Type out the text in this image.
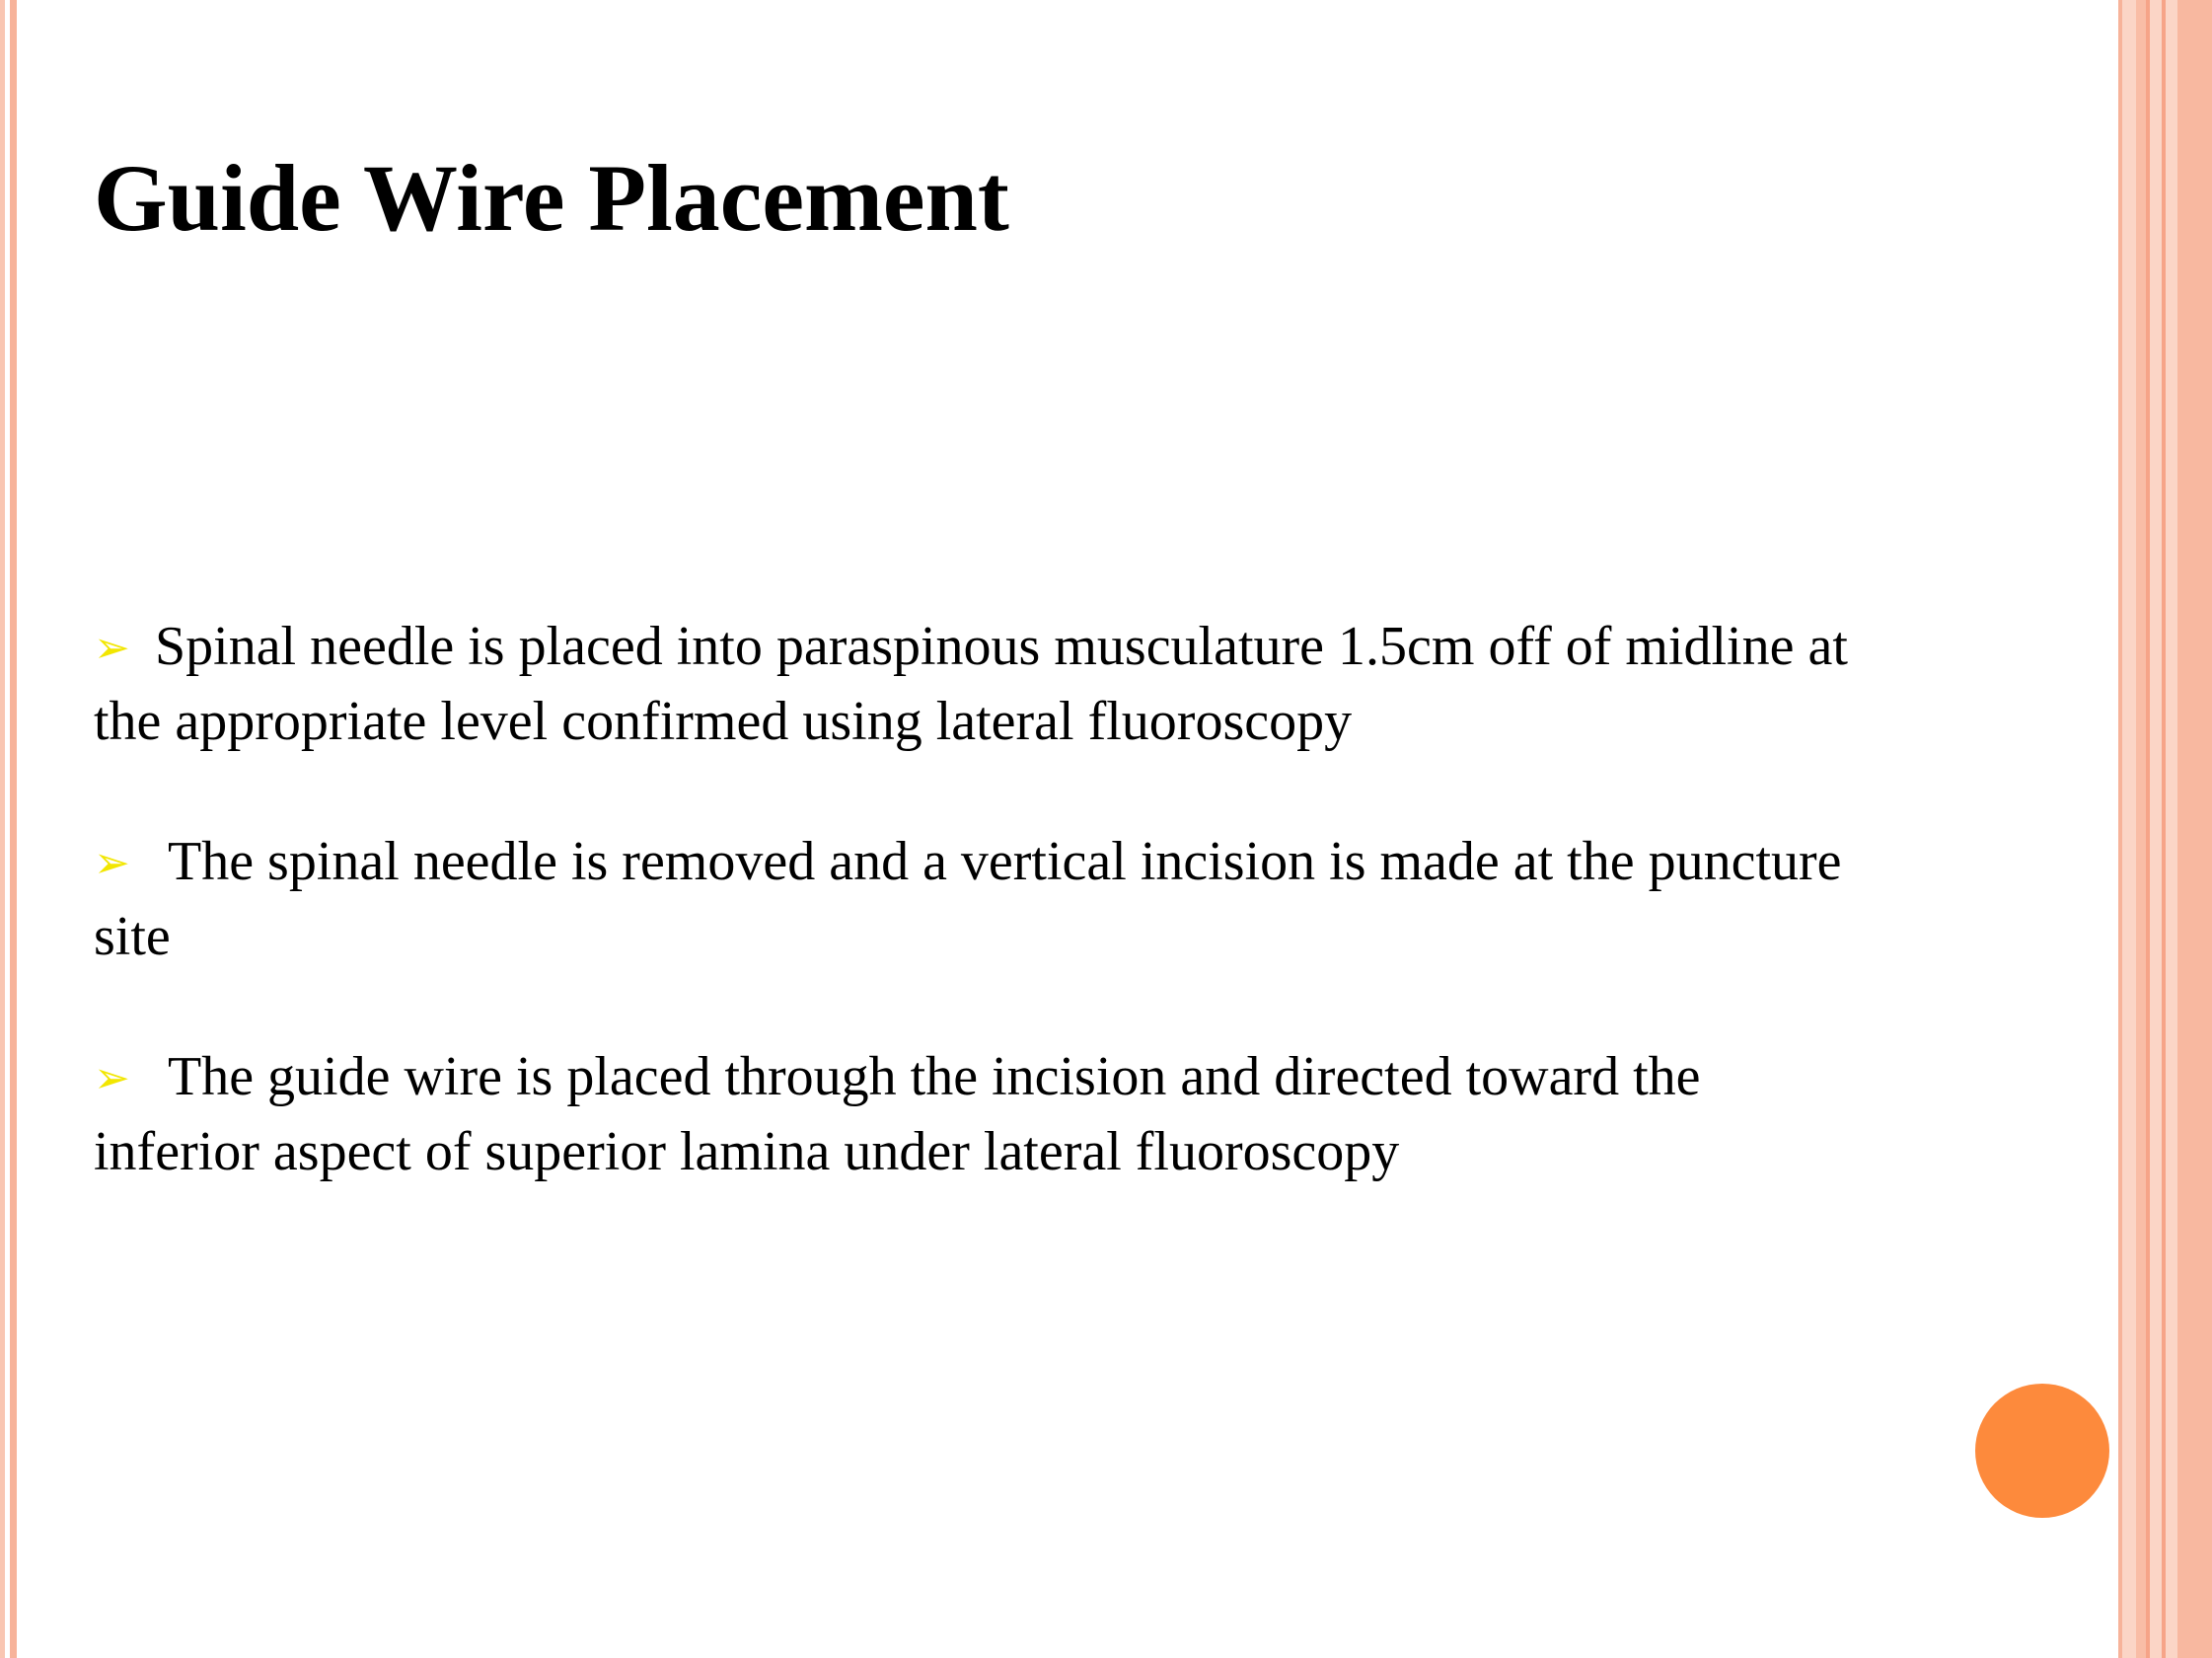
Guide Wire Placement
➢ Spinal needle is placed into paraspinous musculature 1.5cm off of midline at the appropriate level confirmed using lateral fluoroscopy
➢ The spinal needle is removed and a vertical incision is made at the puncture site
➢ The guide wire is placed through the incision and directed toward the inferior aspect of superior lamina under lateral fluoroscopy
